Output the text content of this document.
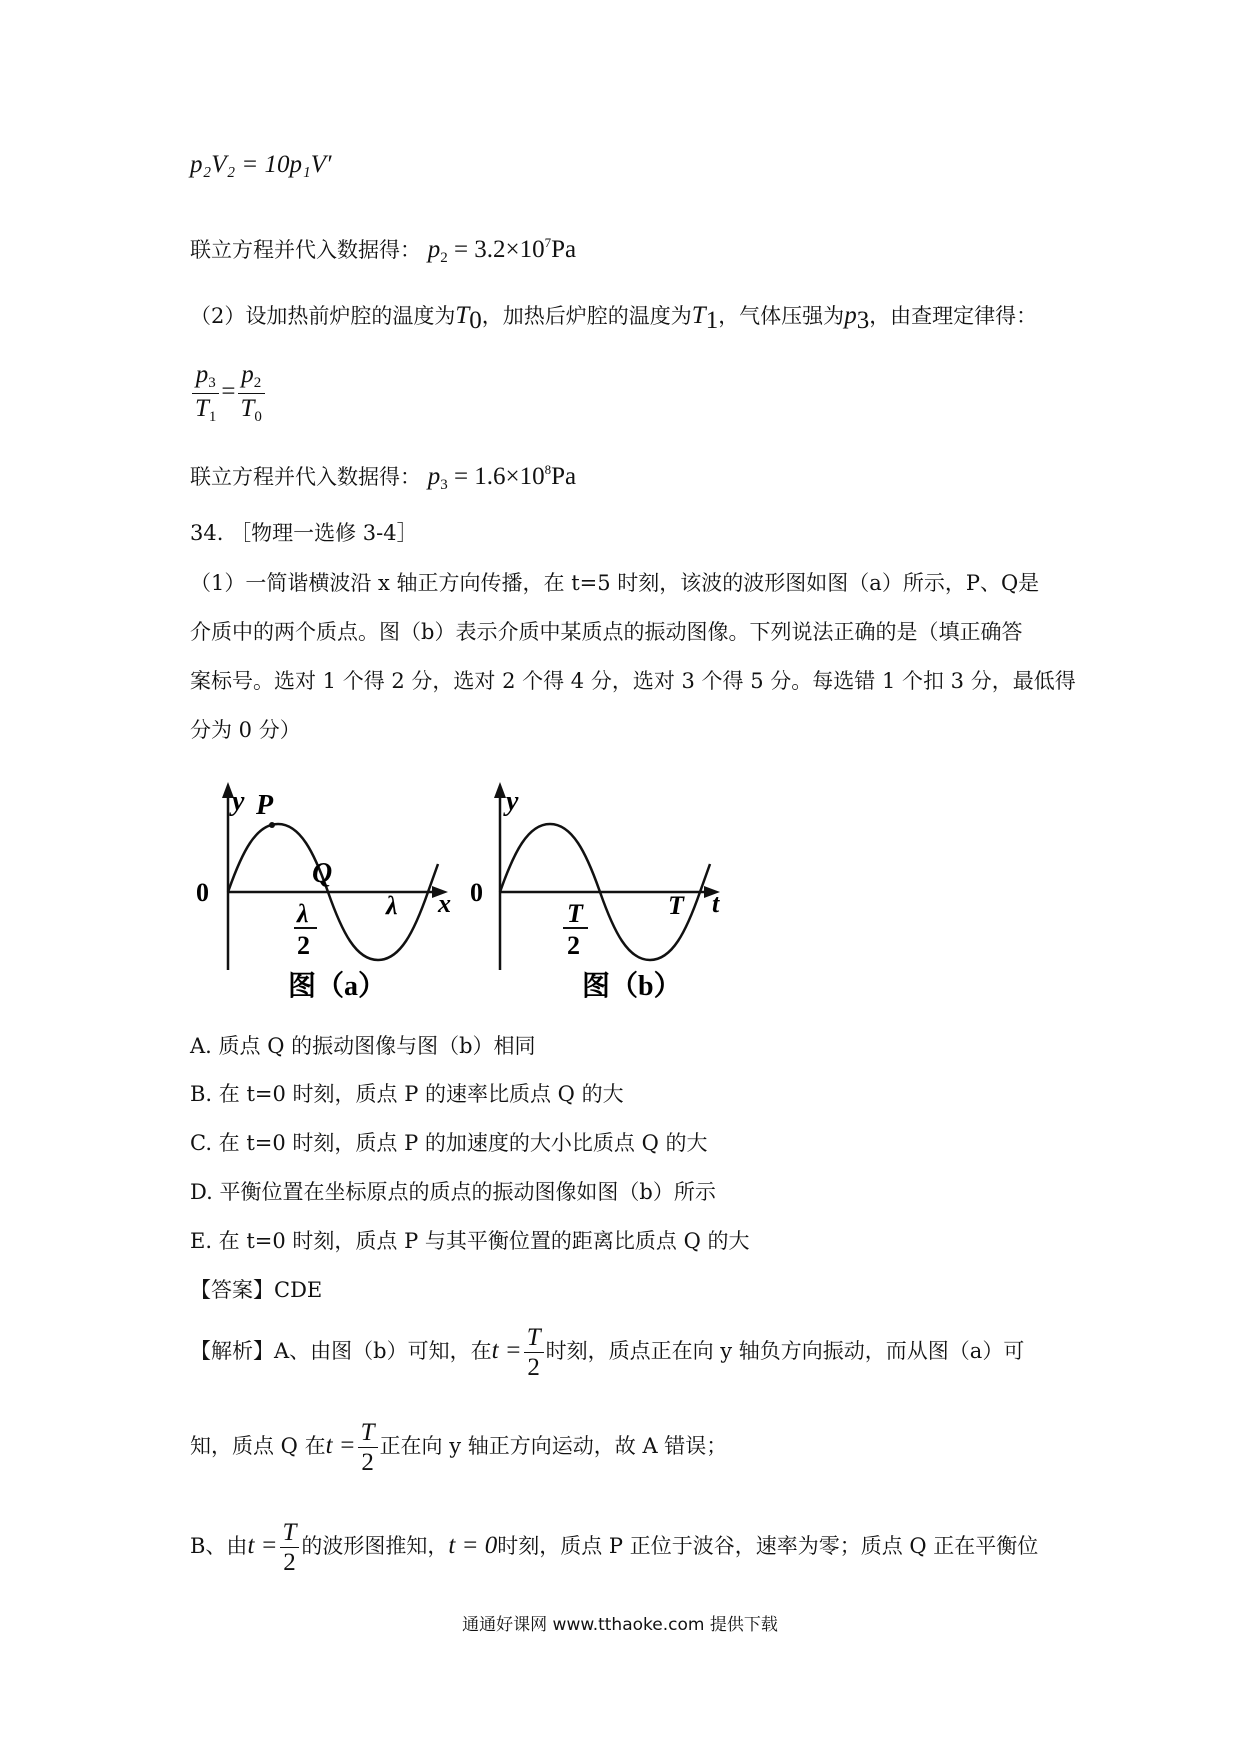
p₂V₂ = 10p₁V′
联立方程并代入数据得： $p_2 = 3.2\times 10^7Pa$
（2）设加热前炉腔的温度为$T_0$，加热后炉腔的温度为$T_1$，气体压强为$p_3$，由查理定律得：
$\frac{p_3}{T_1} = \frac{p_2}{T_0}$
联立方程并代入数据得： $p_3 = 1.6\times 10^8Pa$
34. ［物理一选修 3-4］
（1）一简谐横波沿 x 轴正方向传播，在 t=5 时刻，该波的波形图如图（a）所示，P、Q是
介质中的两个质点。图（b）表示介质中某质点的振动图像。下列说法正确的是（填正确答
案标号。选对 1 个得 2 分，选对 2 个得 4 分，选对 3 个得 5 分。每选错 1 个扣 3 分，最低得
分为 0 分）
y P
Q
0
λ
2
λ x
图（a）
y
0
T
2
T t
图（b）
A. 质点 Q 的振动图像与图（b）相同
B. 在 t=0 时刻，质点 P 的速率比质点 Q 的大
C. 在 t=0 时刻，质点 P 的加速度的大小比质点 Q 的大
D. 平衡位置在坐标原点的质点的振动图像如图（b）所示
E. 在 t=0 时刻，质点 P 与其平衡位置的距离比质点 Q 的大
【答案】CDE
【解析】A、由图（b）可知，在$t = \frac{T}{2}$ 时刻，质点正在向 y 轴负方向振动，而从图（a）可
知，质点 Q 在$t = \frac{T}{2}$ 正在向 y 轴正方向运动，故 A 错误；
B、由$t = \frac{T}{2}$ 的波形图推知，t = 0时刻，质点 P 正位于波谷，速率为零；质点 Q 正在平衡位
通通好课网 www.tthaoke.com 提供下载
